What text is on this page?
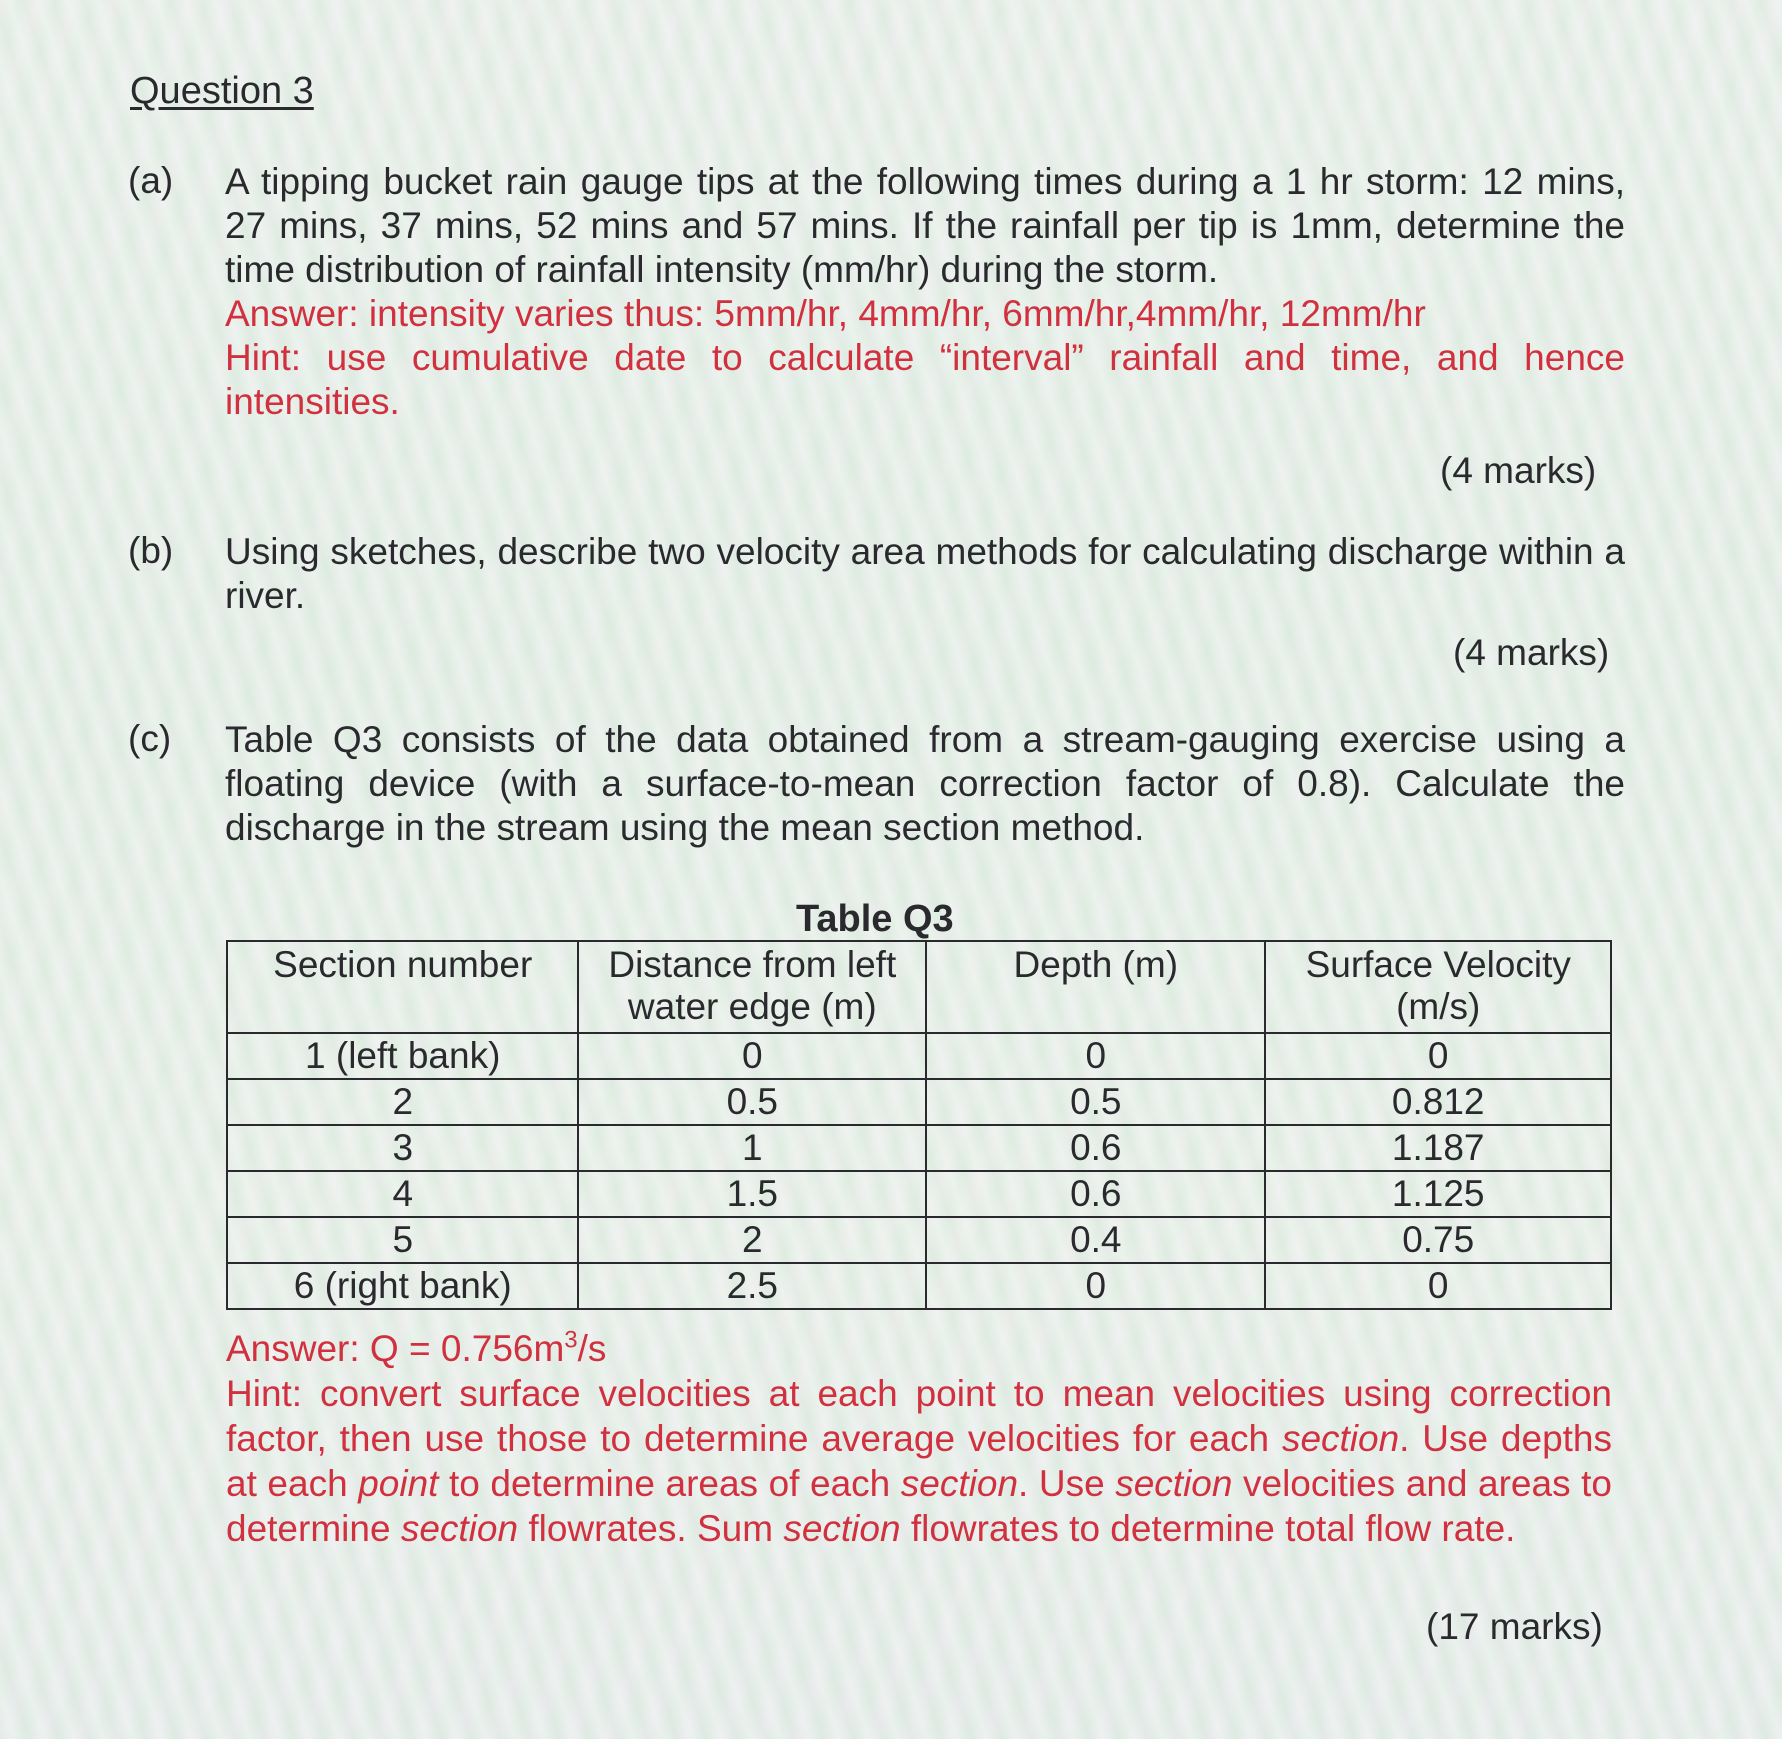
Question 3
(a) A tipping bucket rain gauge tips at the following times during a 1 hr storm: 12 mins, 27 mins, 37 mins, 52 mins and 57 mins. If the rainfall per tip is 1mm, determine the time distribution of rainfall intensity (mm/hr) during the storm.
Answer: intensity varies thus: 5mm/hr, 4mm/hr, 6mm/hr,4mm/hr, 12mm/hr
Hint: use cumulative date to calculate “interval” rainfall and time, and hence intensities.
(4 marks)
(b) Using sketches, describe two velocity area methods for calculating discharge within a river.
(4 marks)
(c) Table Q3 consists of the data obtained from a stream-gauging exercise using a floating device (with a surface-to-mean correction factor of 0.8). Calculate the discharge in the stream using the mean section method.
Table Q3
Section number	Distance from left water edge (m)	Depth (m)	Surface Velocity (m/s)
1 (left bank)	0	0	0
2	0.5	0.5	0.812
3	1	0.6	1.187
4	1.5	0.6	1.125
5	2	0.4	0.75
6 (right bank)	2.5	0	0
Answer: $Q = 0.756m^3/s$
Hint: convert surface velocities at each point to mean velocities using correction factor, then use those to determine average velocities for each section. Use depths at each point to determine areas of each section. Use section velocities and areas to determine section flowrates. Sum section flowrates to determine total flow rate.
(17 marks)
